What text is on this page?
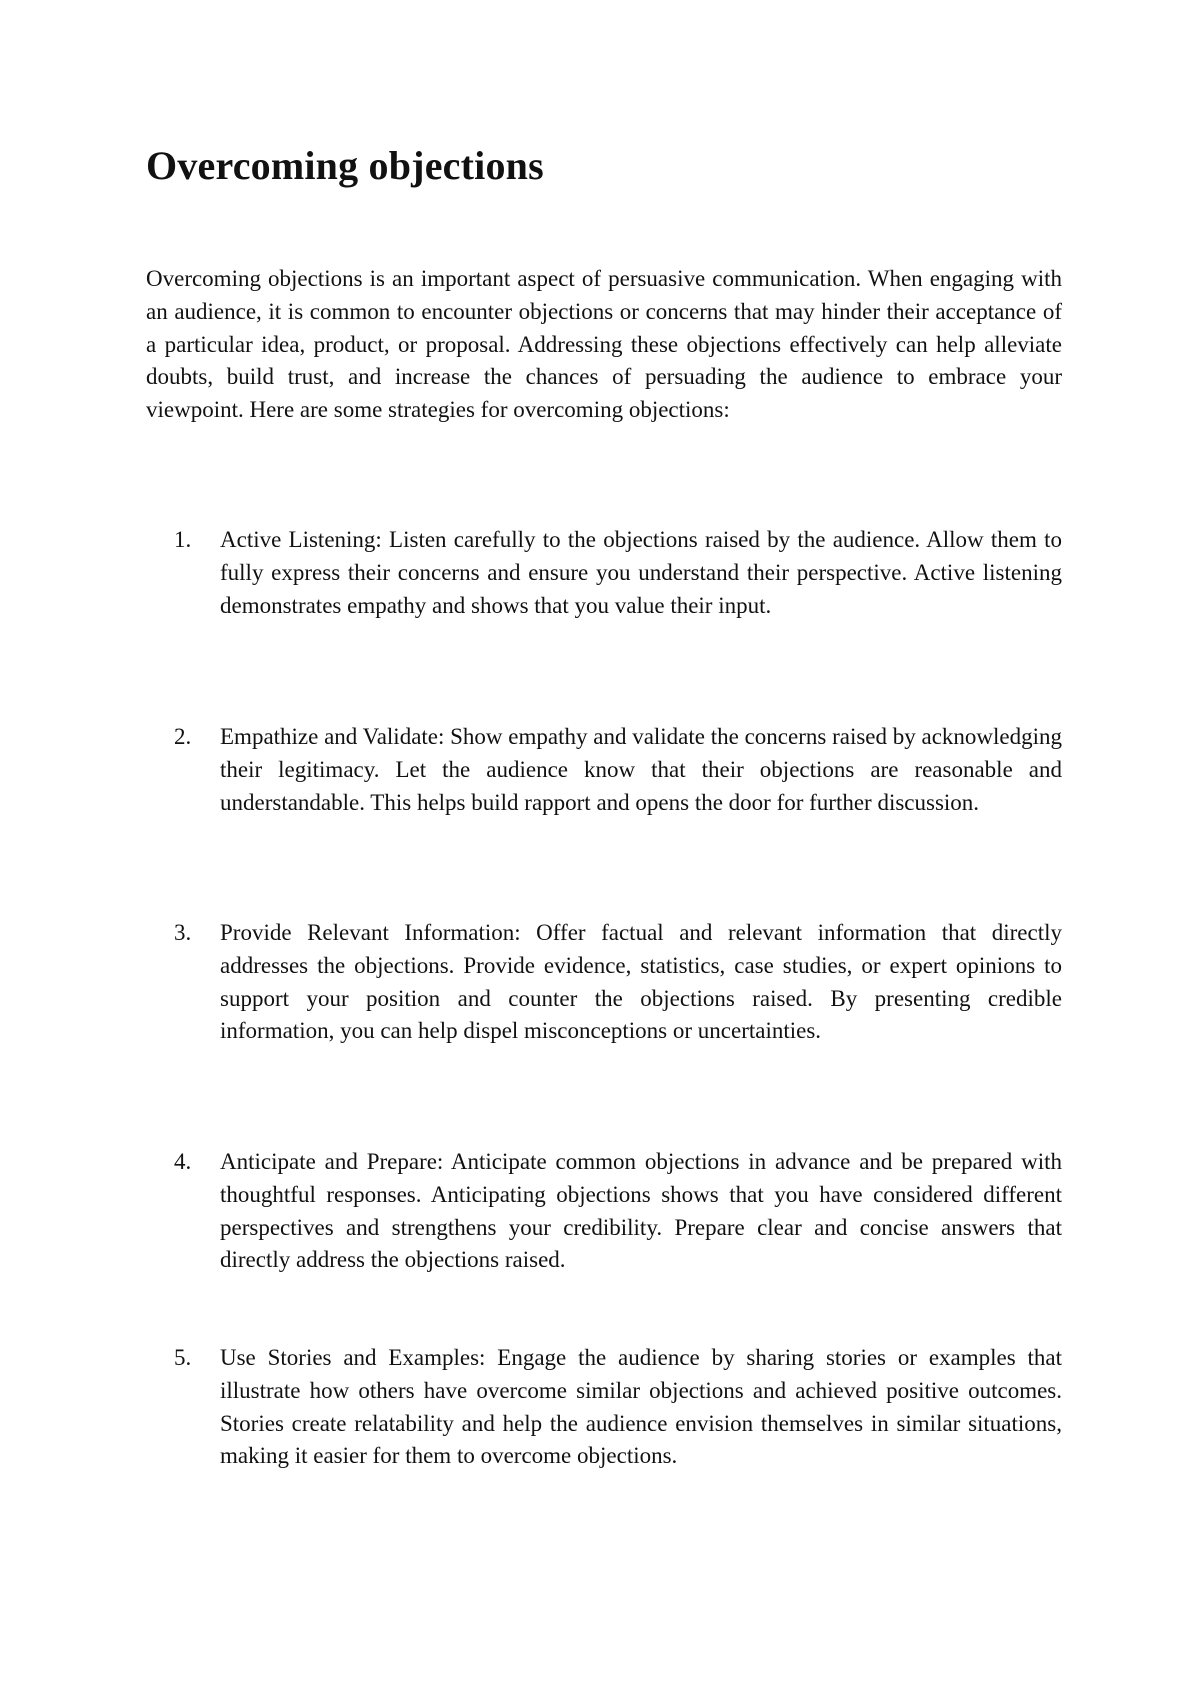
Overcoming objections

Overcoming objections is an important aspect of persuasive communication. When engaging with an audience, it is common to encounter objections or concerns that may hinder their acceptance of a particular idea, product, or proposal. Addressing these objections effectively can help alleviate doubts, build trust, and increase the chances of persuading the audience to embrace your viewpoint. Here are some strategies for overcoming objections:

1.	Active Listening: Listen carefully to the objections raised by the audience. Allow them to fully express their concerns and ensure you understand their perspective. Active listening demonstrates empathy and shows that you value their input.

2.	Empathize and Validate: Show empathy and validate the concerns raised by acknowledging their legitimacy. Let the audience know that their objections are reasonable and understandable. This helps build rapport and opens the door for further discussion.

3.	Provide Relevant Information: Offer factual and relevant information that directly addresses the objections. Provide evidence, statistics, case studies, or expert opinions to support your position and counter the objections raised. By presenting credible information, you can help dispel misconceptions or uncertainties.

4.	Anticipate and Prepare: Anticipate common objections in advance and be prepared with thoughtful responses. Anticipating objections shows that you have considered different perspectives and strengthens your credibility. Prepare clear and concise answers that directly address the objections raised.

5.	Use Stories and Examples: Engage the audience by sharing stories or examples that illustrate how others have overcome similar objections and achieved positive outcomes. Stories create relatability and help the audience envision themselves in similar situations, making it easier for them to overcome objections.
